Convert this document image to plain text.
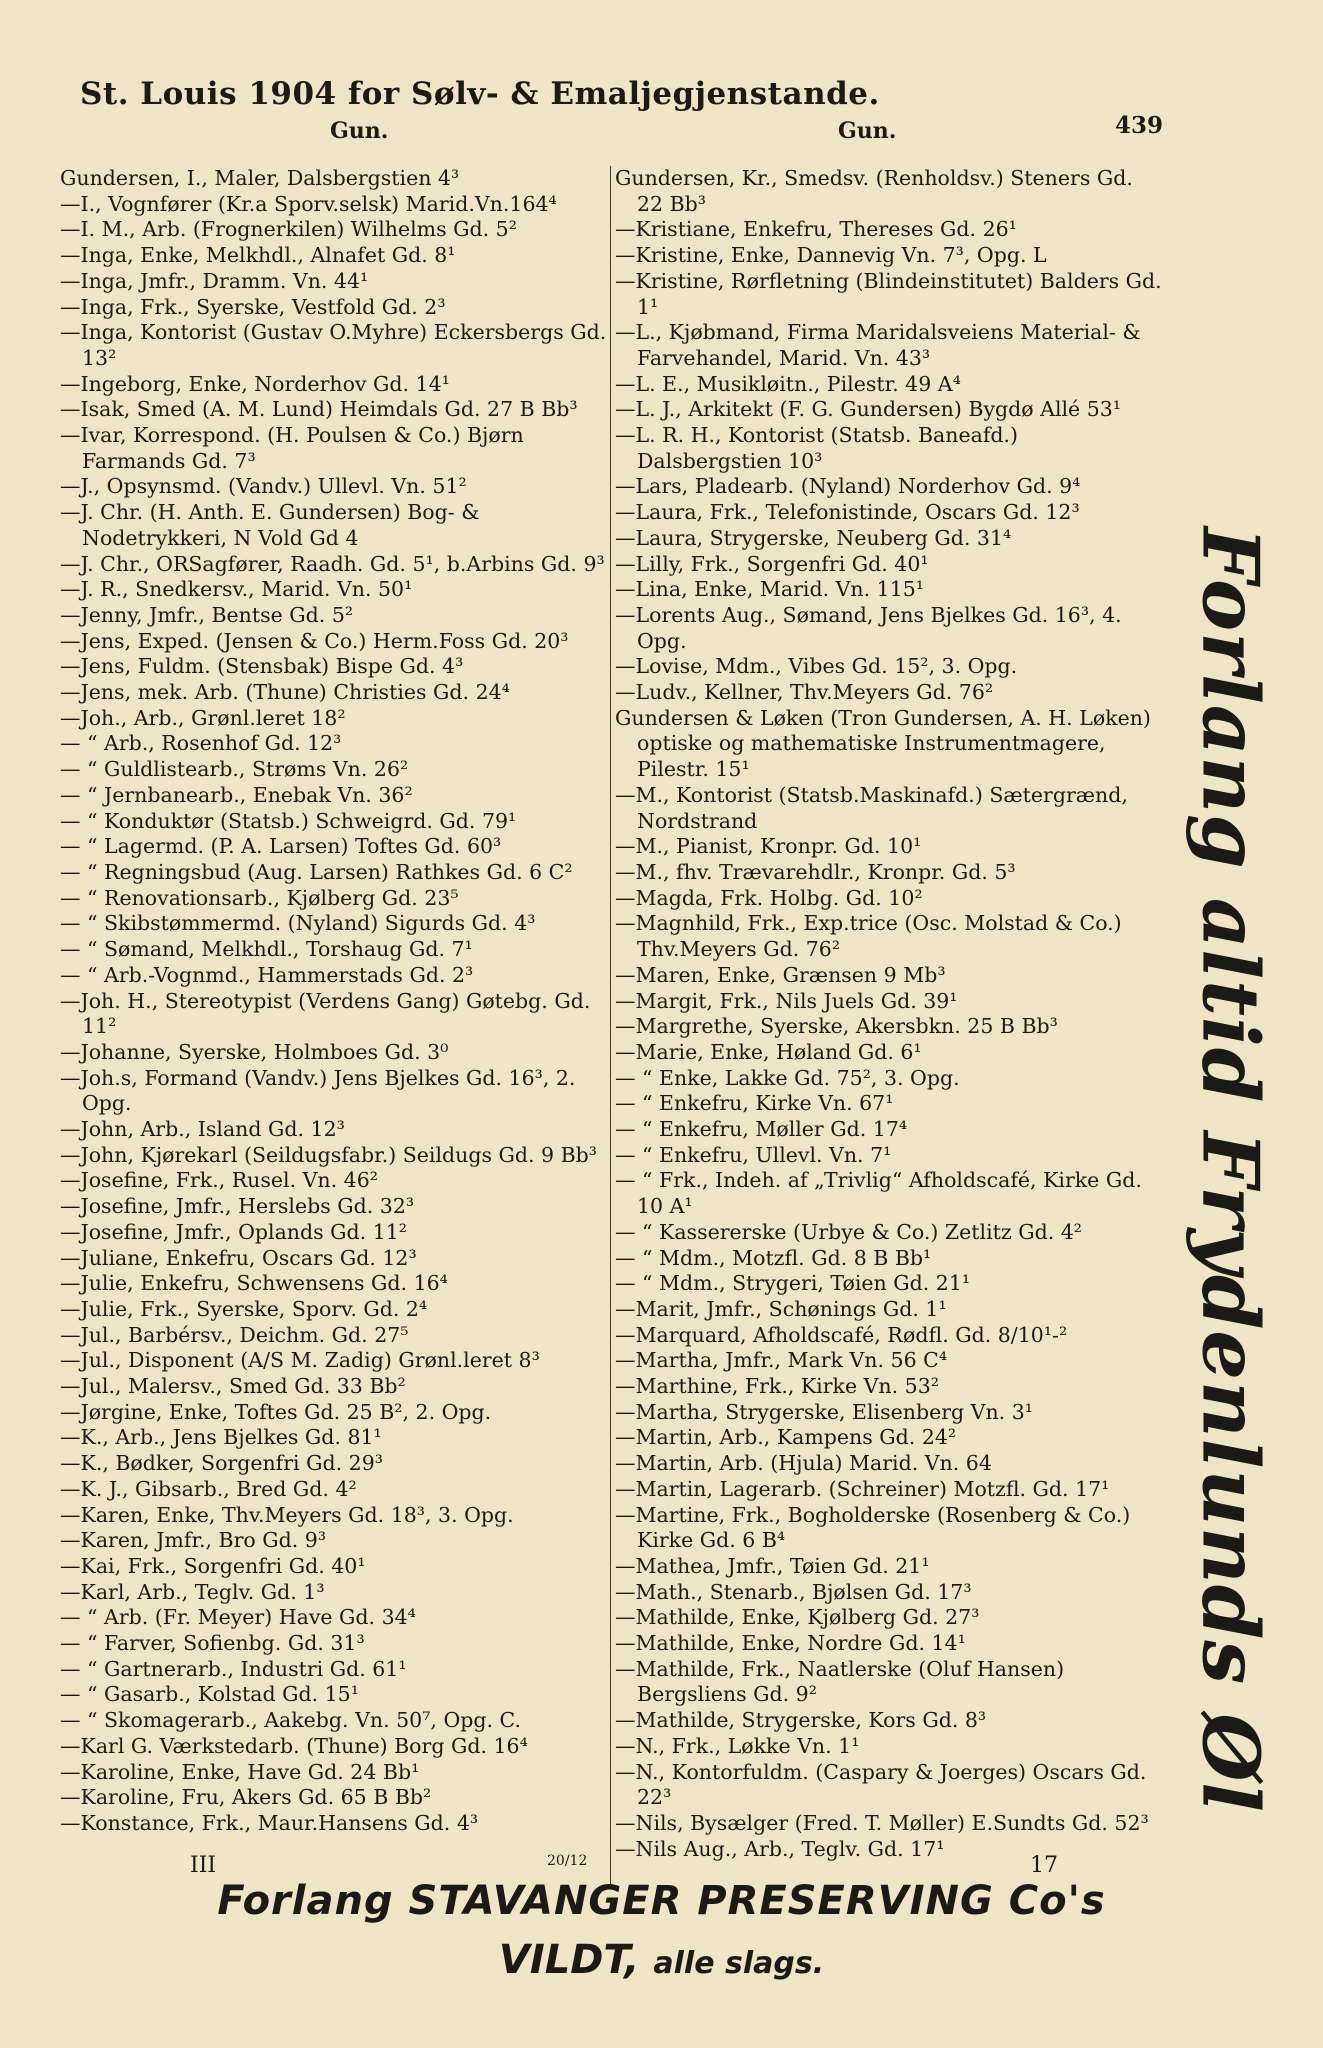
St. Louis 1904 for Sølv- & Emaljegjenstande.
Gun.	Gun.	439
Gundersen, I., Maler, Dalsbergstien 4³
—I., Vognfører (Kr.a Sporv.selsk) Marid.Vn.164⁴
—I. M., Arb. (Frognerkilen) Wilhelms Gd. 5²
—Inga, Enke, Melkhdl., Alnafet Gd. 8¹
—Inga, Jmfr., Dramm. Vn. 44¹
—Inga, Frk., Syerske, Vestfold Gd. 2³
—Inga, Kontorist (Gustav O.Myhre) Eckersbergs Gd. 13²
—Ingeborg, Enke, Norderhov Gd. 14¹
—Isak, Smed (A. M. Lund) Heimdals Gd. 27 B Bb³
—Ivar, Korrespond. (H. Poulsen & Co.) Bjørn Farmands Gd. 7³
—J., Opsynsmd. (Vandv.) Ullevl. Vn. 51²
—J. Chr. (H. Anth. E. Gundersen) Bog- & Nodetrykkeri, N Vold Gd 4
—J. Chr., ORSagfører, Raadh. Gd. 5¹, b.Arbins Gd. 9³
—J. R., Snedkersv., Marid. Vn. 50¹
—Jenny, Jmfr., Bentse Gd. 5²
—Jens, Exped. (Jensen & Co.) Herm.Foss Gd. 20³
—Jens, Fuldm. (Stensbak) Bispe Gd. 4³
—Jens, mek. Arb. (Thune) Christies Gd. 24⁴
—Joh., Arb., Grønl.leret 18²
— “ Arb., Rosenhof Gd. 12³
— “ Guldlistearb., Strøms Vn. 26²
— “ Jernbanearb., Enebak Vn. 36²
— “ Konduktør (Statsb.) Schweigrd. Gd. 79¹
— “ Lagermd. (P. A. Larsen) Toftes Gd. 60³
— “ Regningsbud (Aug. Larsen) Rathkes Gd. 6 C²
— “ Renovationsarb., Kjølberg Gd. 23⁵
— “ Skibstømmermd. (Nyland) Sigurds Gd. 4³
— “ Sømand, Melkhdl., Torshaug Gd. 7¹
— “ Arb.-Vognmd., Hammerstads Gd. 2³
—Joh. H., Stereotypist (Verdens Gang) Gøtebg. Gd. 11²
—Johanne, Syerske, Holmboes Gd. 3⁰
—Joh.s, Formand (Vandv.) Jens Bjelkes Gd. 16³, 2. Opg.
—John, Arb., Island Gd. 12³
—John, Kjørekarl (Seildugsfabr.) Seildugs Gd. 9 Bb³
—Josefine, Frk., Rusel. Vn. 46²
—Josefine, Jmfr., Herslebs Gd. 32³
—Josefine, Jmfr., Oplands Gd. 11²
—Juliane, Enkefru, Oscars Gd. 12³
—Julie, Enkefru, Schwensens Gd. 16⁴
—Julie, Frk., Syerske, Sporv. Gd. 2⁴
—Jul., Barbérsv., Deichm. Gd. 27⁵
—Jul., Disponent (A/S M. Zadig) Grønl.leret 8³
—Jul., Malersv., Smed Gd. 33 Bb²
—Jørgine, Enke, Toftes Gd. 25 B², 2. Opg.
—K., Arb., Jens Bjelkes Gd. 81¹
—K., Bødker, Sorgenfri Gd. 29³
—K. J., Gibsarb., Bred Gd. 4²
—Karen, Enke, Thv.Meyers Gd. 18³, 3. Opg.
—Karen, Jmfr., Bro Gd. 9³
—Kai, Frk., Sorgenfri Gd. 40¹
—Karl, Arb., Teglv. Gd. 1³
— “ Arb. (Fr. Meyer) Have Gd. 34⁴
— “ Farver, Sofienbg. Gd. 31³
— “ Gartnerarb., Industri Gd. 61¹
— “ Gasarb., Kolstad Gd. 15¹
— “ Skomagerarb., Aakebg. Vn. 50⁷, Opg. C.
—Karl G. Værkstedarb. (Thune) Borg Gd. 16⁴
—Karoline, Enke, Have Gd. 24 Bb¹
—Karoline, Fru, Akers Gd. 65 B Bb²
—Konstance, Frk., Maur.Hansens Gd. 4³
Gundersen, Kr., Smedsv. (Renholdsv.) Steners Gd. 22 Bb³
—Kristiane, Enkefru, Thereses Gd. 26¹
—Kristine, Enke, Dannevig Vn. 7³, Opg. L
—Kristine, Rørfletning (Blindeinstitutet) Balders Gd. 1¹
—L., Kjøbmand, Firma Maridalsveiens Material- & Farvehandel, Marid. Vn. 43³
—L. E., Musikløitn., Pilestr. 49 A⁴
—L. J., Arkitekt (F. G. Gundersen) Bygdø Allé 53¹
—L. R. H., Kontorist (Statsb. Baneafd.) Dalsbergstien 10³
—Lars, Pladearb. (Nyland) Norderhov Gd. 9⁴
—Laura, Frk., Telefonistinde, Oscars Gd. 12³
—Laura, Strygerske, Neuberg Gd. 31⁴
—Lilly, Frk., Sorgenfri Gd. 40¹
—Lina, Enke, Marid. Vn. 115¹
—Lorents Aug., Sømand, Jens Bjelkes Gd. 16³, 4. Opg.
—Lovise, Mdm., Vibes Gd. 15², 3. Opg.
—Ludv., Kellner, Thv.Meyers Gd. 76²
Gundersen & Løken (Tron Gundersen, A. H. Løken) optiske og mathematiske Instrumentmagere, Pilestr. 15¹
—M., Kontorist (Statsb.Maskinafd.) Sætergrænd, Nordstrand
—M., Pianist, Kronpr. Gd. 10¹
—M., fhv. Trævarehdlr., Kronpr. Gd. 5³
—Magda, Frk. Holbg. Gd. 10²
—Magnhild, Frk., Exp.trice (Osc. Molstad & Co.) Thv.Meyers Gd. 76²
—Maren, Enke, Grænsen 9 Mb³
—Margit, Frk., Nils Juels Gd. 39¹
—Margrethe, Syerske, Akersbkn. 25 B Bb³
—Marie, Enke, Høland Gd. 6¹
— “ Enke, Lakke Gd. 75², 3. Opg.
— “ Enkefru, Kirke Vn. 67¹
— “ Enkefru, Møller Gd. 17⁴
— “ Enkefru, Ullevl. Vn. 7¹
— “ Frk., Indeh. af „Trivlig“ Afholdscafé, Kirke Gd. 10 A¹
— “ Kassererske (Urbye & Co.) Zetlitz Gd. 4²
— “ Mdm., Motzfl. Gd. 8 B Bb¹
— “ Mdm., Strygeri, Tøien Gd. 21¹
—Marit, Jmfr., Schønings Gd. 1¹
—Marquard, Afholdscafé, Rødfl. Gd. 8/10¹-²
—Martha, Jmfr., Mark Vn. 56 C⁴
—Marthine, Frk., Kirke Vn. 53²
—Martha, Strygerske, Elisenberg Vn. 3¹
—Martin, Arb., Kampens Gd. 24²
—Martin, Arb. (Hjula) Marid. Vn. 64
—Martin, Lagerarb. (Schreiner) Motzfl. Gd. 17¹
—Martine, Frk., Bogholderske (Rosenberg & Co.) Kirke Gd. 6 B⁴
—Mathea, Jmfr., Tøien Gd. 21¹
—Math., Stenarb., Bjølsen Gd. 17³
—Mathilde, Enke, Kjølberg Gd. 27³
—Mathilde, Enke, Nordre Gd. 14¹
—Mathilde, Frk., Naatlerske (Oluf Hansen) Bergsliens Gd. 9²
—Mathilde, Strygerske, Kors Gd. 8³
—N., Frk., Løkke Vn. 1¹
—N., Kontorfuldm. (Caspary & Joerges) Oscars Gd. 22³
—Nils, Bysælger (Fred. T. Møller) E.Sundts Gd. 52³
—Nils Aug., Arb., Teglv. Gd. 17¹
Forlang altid Frydenlunds Øl
III	20/12	17
Forlang STAVANGER PRESERVING Co's
VILDT, alle slags.
